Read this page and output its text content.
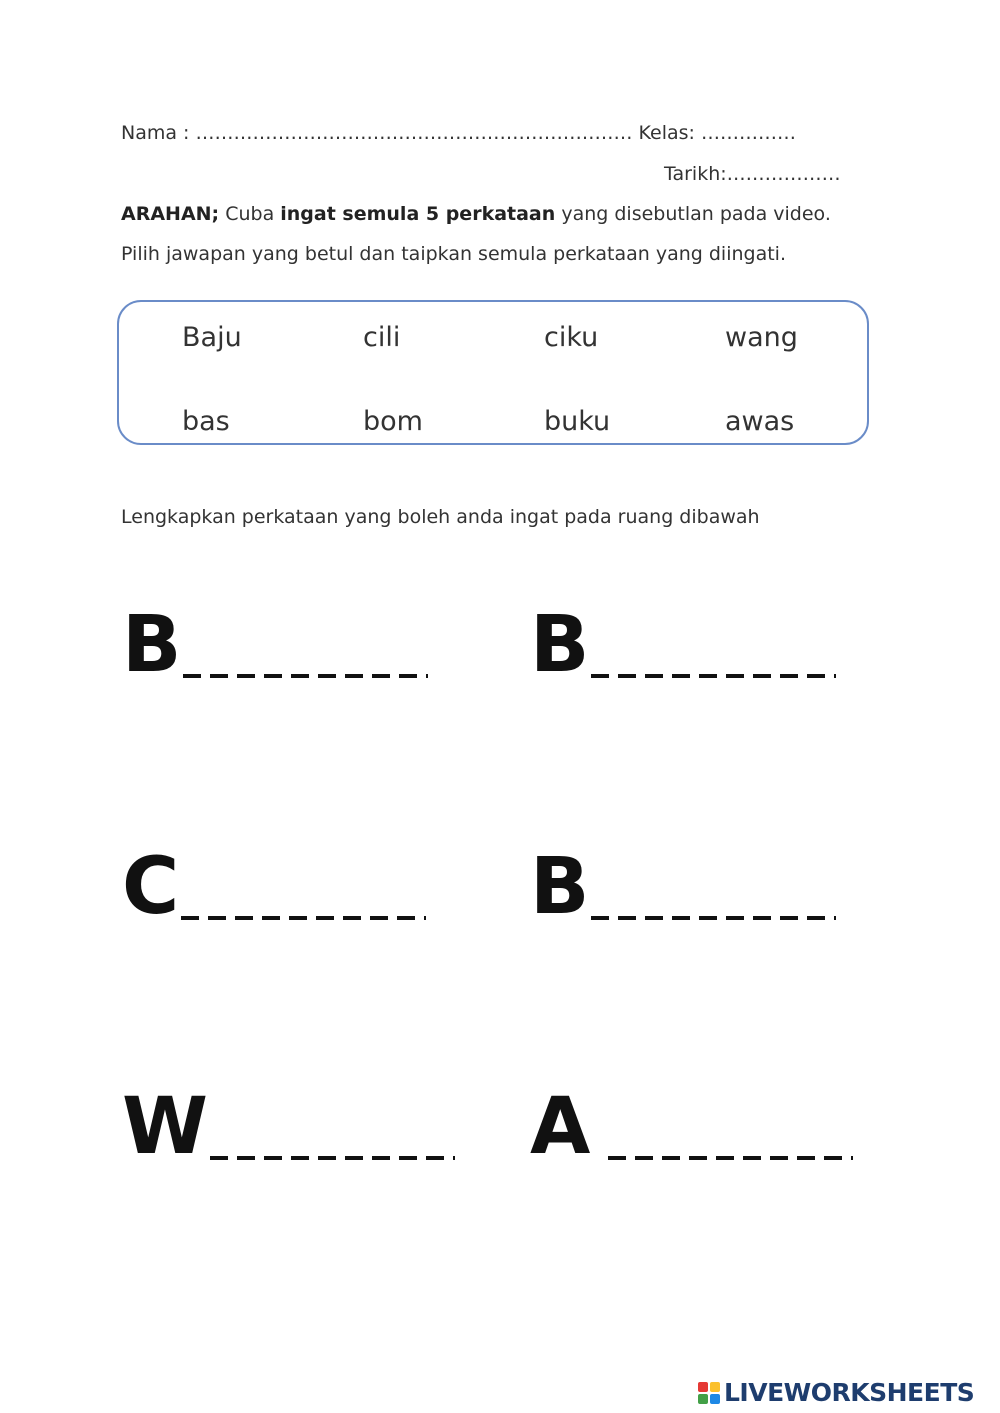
Nama : …………………………………………………………… Kelas: ……………
Tarikh:………………
ARAHAN; Cuba ingat semula 5 perkataan yang disebutlan pada video.
Pilih jawapan yang betul dan taipkan semula perkataan yang diingati.
Baju	cili	ciku	wang
bas	bom	buku	awas
Lengkapkan perkataan yang boleh anda ingat pada ruang dibawah
B	B
C	B
W	A
LIVEWORKSHEETS
